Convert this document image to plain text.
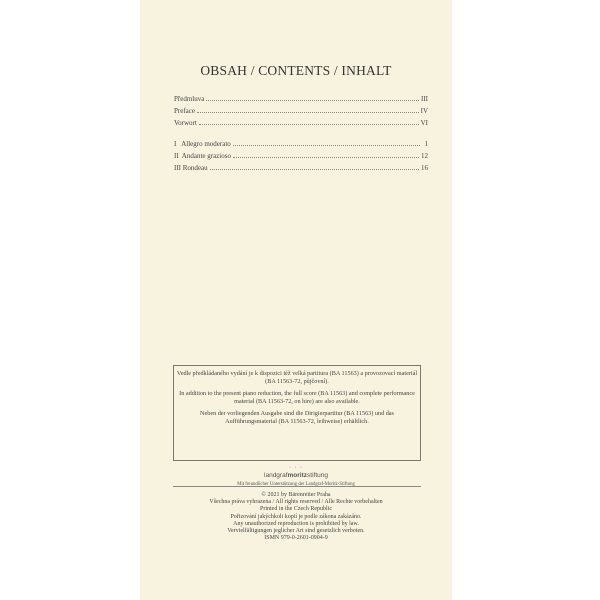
OBSAH / CONTENTS / INHALT
Předmluva	III
Preface	IV
Vorwort	VI
I   Allegro moderato	1
II  Andante grazioso	12
III Rondeau	16

Vedle předkládaného vydání je k dispozici též velká partitura (BA 11563) a provozovací materiál (BA 11563-72, půjčovní).

In addition to the present piano reduction, the full score (BA 11563) and complete performance material (BA 11563-72, on hire) are also available.

Neben der vorliegenden Ausgabe sind die Dirigierpartitur (BA 11563) und das Aufführungsmaterial (BA 11563-72, leihweise) erhältlich.

· · ·
landgrafmoritzstiftung
Mit freundlicher Unterstützung der Landgraf-Moritz-Stiftung
© 2021 by Bärenreiter Praha
Všechna práva vyhrazena / All rights reserved / Alle Rechte vorbehalten
Printed in the Czech Republic
Pořizování jakýchkoli kopií je podle zákona zakázáno.
Any unauthorized reproduction is prohibited by law.
Vervielfältigungen jeglicher Art sind gesetzlich verboten.
ISMN 979-0-2601-0904-9
